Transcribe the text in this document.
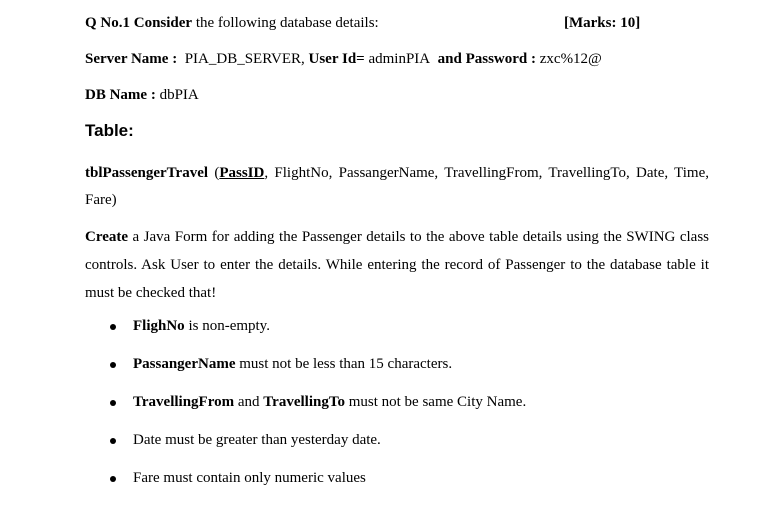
Q No.1 Consider the following database details:	[Marks: 10]
Server Name : PIA_DB_SERVER, User Id= adminPIA and Password : zxc%12@
DB Name : dbPIA
Table:
tblPassengerTravel (PassID, FlightNo, PassangerName, TravellingFrom, TravellingTo, Date, Time, Fare)
Create a Java Form for adding the Passenger details to the above table details using the SWING class controls. Ask User to enter the details. While entering the record of Passenger to the database table it must be checked that!
FlighNo is non-empty.
PassangerName must not be less than 15 characters.
TravellingFrom and TravellingTo must not be same City Name.
Date must be greater than yesterday date.
Fare must contain only numeric values
